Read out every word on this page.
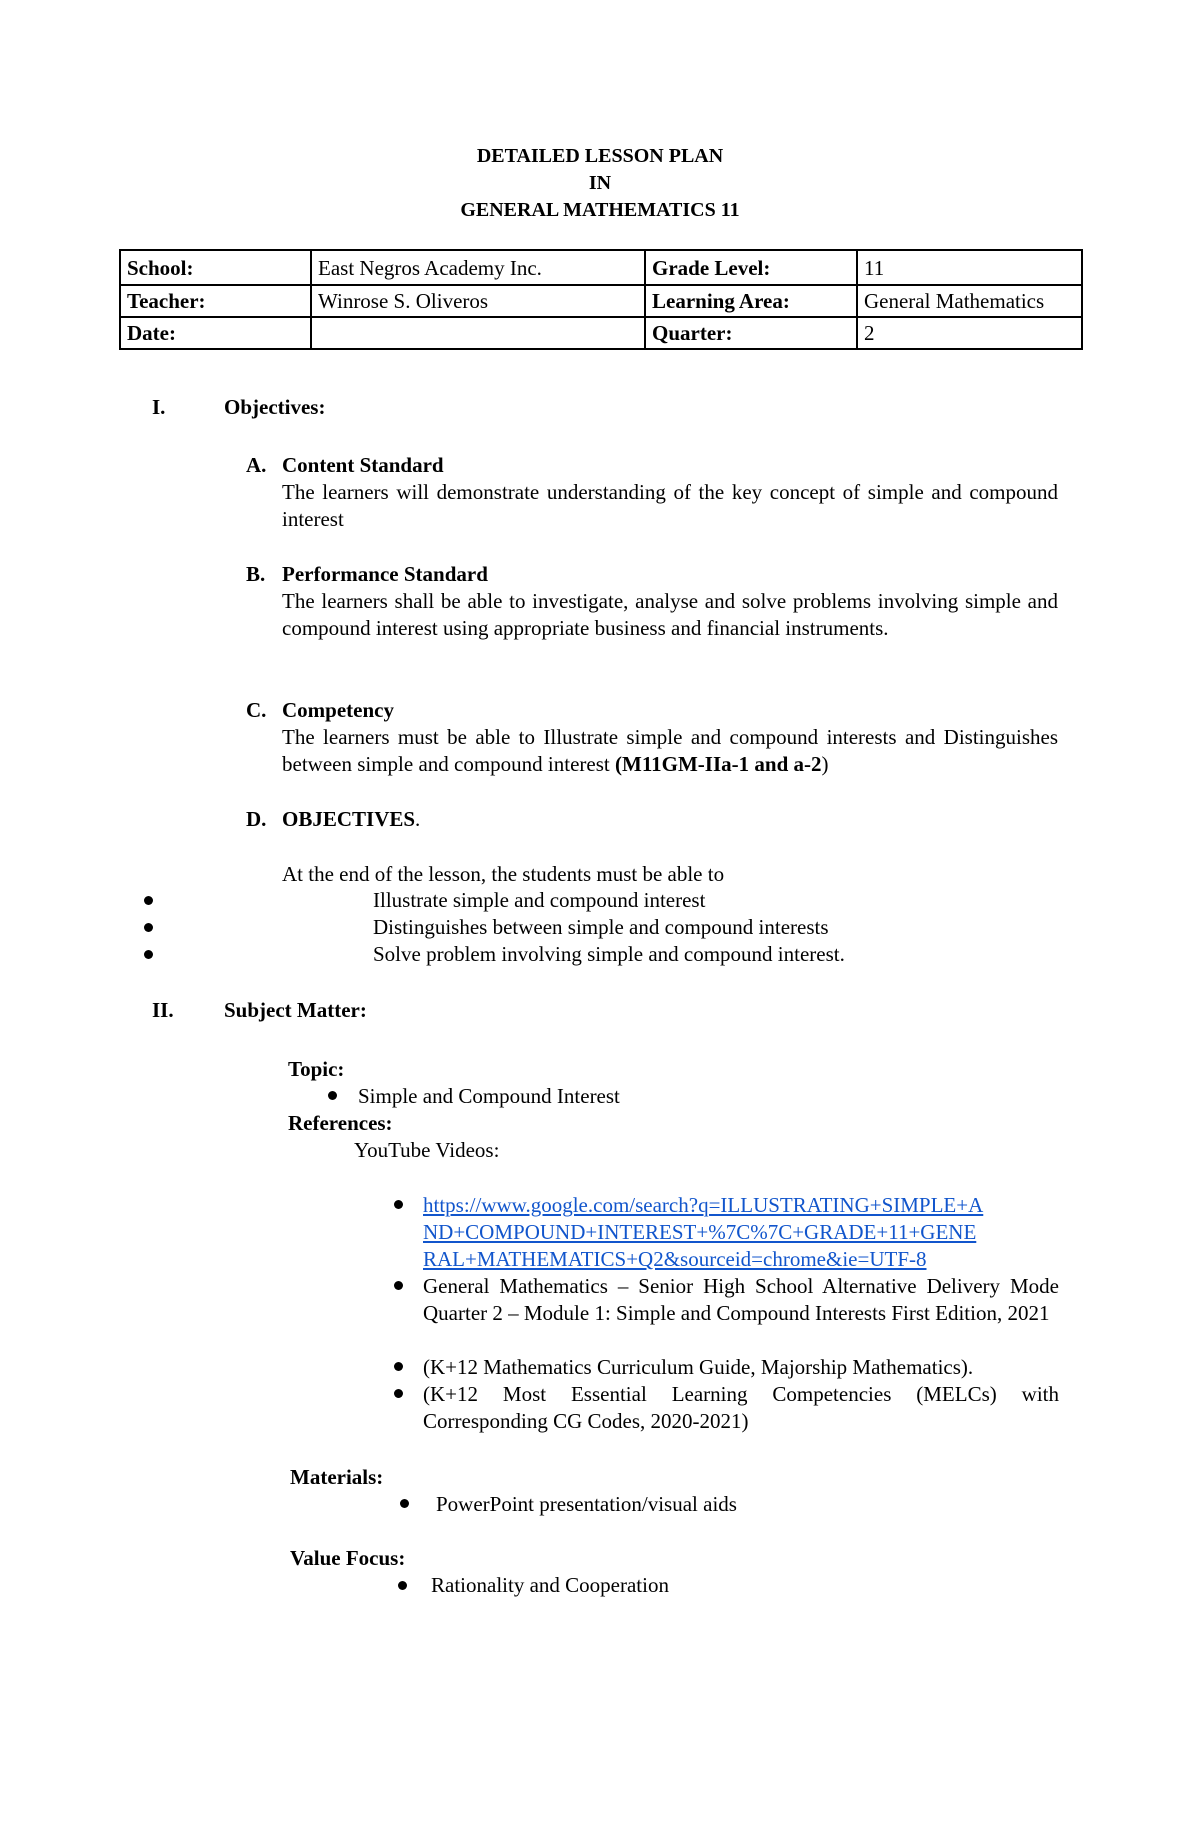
DETAILED LESSON PLAN
IN
GENERAL MATHEMATICS 11
School:	East Negros Academy Inc.	Grade Level:	11
Teacher:	Winrose S. Oliveros	Learning Area:	General Mathematics
Date:		Quarter:	2
I.	Objectives:
A. Content Standard
The learners will demonstrate understanding of the key concept of simple and compound interest
B. Performance Standard
The learners shall be able to investigate, analyse and solve problems involving simple and compound interest using appropriate business and financial instruments.
C. Competency
The learners must be able to Illustrate simple and compound interests and Distinguishes between simple and compound interest (M11GM-IIa-1 and a-2)
D. OBJECTIVES.
At the end of the lesson, the students must be able to
Illustrate simple and compound interest
Distinguishes between simple and compound interests
Solve problem involving simple and compound interest.
II. Subject Matter:
Topic:
Simple and Compound Interest
References:
YouTube Videos:
https://www.google.com/search?q=ILLUSTRATING+SIMPLE+A
ND+COMPOUND+INTEREST+%7C%7C+GRADE+11+GENE
RAL+MATHEMATICS+Q2&sourceid=chrome&ie=UTF-8
General Mathematics – Senior High School Alternative Delivery Mode Quarter 2 – Module 1: Simple and Compound Interests First Edition, 2021
(K+12 Mathematics Curriculum Guide, Majorship Mathematics).
(K+12 Most Essential Learning Competencies (MELCs) with Corresponding CG Codes, 2020-2021)
Materials:
PowerPoint presentation/visual aids
Value Focus:
Rationality and Cooperation
